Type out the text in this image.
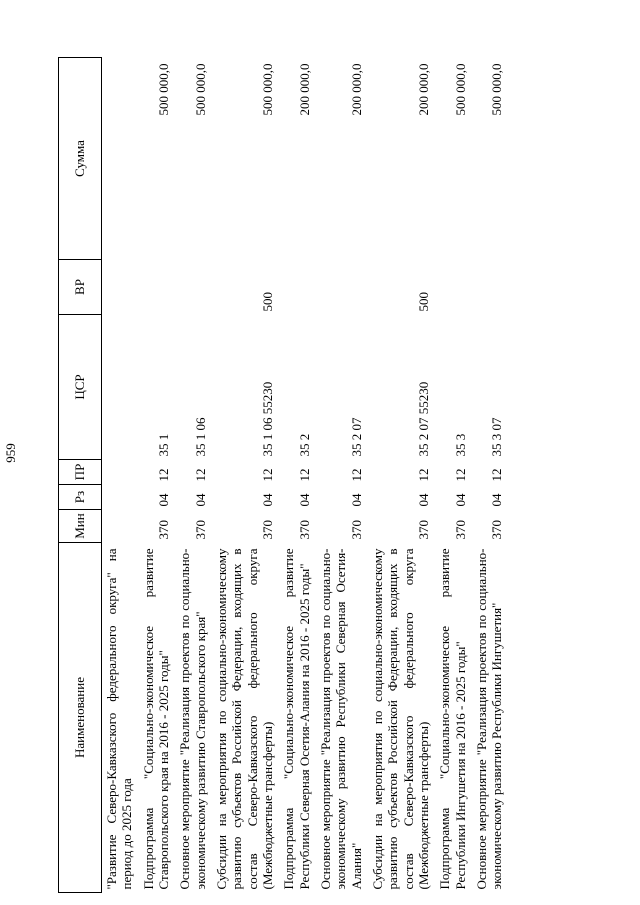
959
Наименование	Мин	Рз	ПР	ЦСР	ВР	Сумма
"Развитие Северо-Кавказского федерального округа" на период до 2025 года						
Подпрограмма "Социально-экономическое развитие Ставропольского края на 2016 - 2025 годы"	370	04	12	35 1		500 000,0
Основное мероприятие "Реализация проектов по социально-экономическому развитию Ставропольского края"	370	04	12	35 1 06		500 000,0
Субсидии на мероприятия по социально-экономическому развитию субъектов Российской Федерации, входящих в состав Северо-Кавказского федерального округа (Межбюджетные трансферты)	370	04	12	35 1 06 55230	500	500 000,0
Подпрограмма "Социально-экономическое развитие Республики Северная Осетия-Алания на 2016 - 2025 годы"	370	04	12	35 2		200 000,0
Основное мероприятие "Реализация проектов по социально-экономическому развитию Республики Северная Осетия-Алания"	370	04	12	35 2 07		200 000,0
Субсидии на мероприятия по социально-экономическому развитию субъектов Российской Федерации, входящих в состав Северо-Кавказского федерального округа (Межбюджетные трансферты)	370	04	12	35 2 07 55230	500	200 000,0
Подпрограмма "Социально-экономическое развитие Республики Ингушетия на 2016 - 2025 годы"	370	04	12	35 3		500 000,0
Основное мероприятие "Реализация проектов по социально-экономическому развитию Республики Ингушетия"	370	04	12	35 3 07		500 000,0
